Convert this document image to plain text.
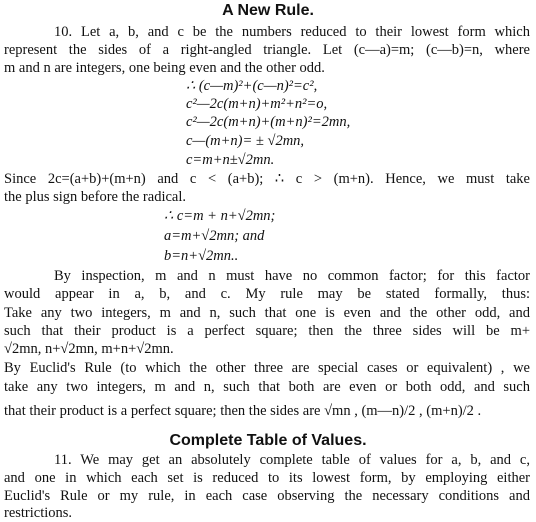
A New Rule.
10. Let a, b, and c be the numbers reduced to their lowest form which
represent the sides of a right-angled triangle. Let (c—a)=m; (c—b)=n, where
m and n are integers, one being even and the other odd.
∴ (c—m)²+(c—n)²=c²,
c²—2c(m+n)+m²+n²=o,
c²—2c(m+n)+(m+n)²=2mn,
c—(m+n)= ± √2mn,
c=m+n±√2mn.
Since 2c=(a+b)+(m+n) and c < (a+b); ∴ c > (m+n). Hence, we must take
the plus sign before the radical.
∴ c=m + n+√2mn;
a=m+√2mn; and
b=n+√2mn..
By inspection, m and n must have no common factor; for this factor
would appear in a, b, and c. My rule may be stated formally, thus:
Take any two integers, m and n, such that one is even and the other odd, and
such that their product is a perfect square; then the three sides will be m+
√2mn, n+√2mn, m+n+√2mn.
By Euclid's Rule (to which the other three are special cases or equivalent) , we
take any two integers, m and n, such that both are even or both odd, and such
that their product is a perfect square; then the sides are √mn , (m—n)/2 , (m+n)/2 .
Complete Table of Values.
11. We may get an absolutely complete table of values for a, b, and c,
and one in which each set is reduced to its lowest form, by employing either
Euclid's Rule or my rule, in each case observing the necessary conditions and
restrictions.
